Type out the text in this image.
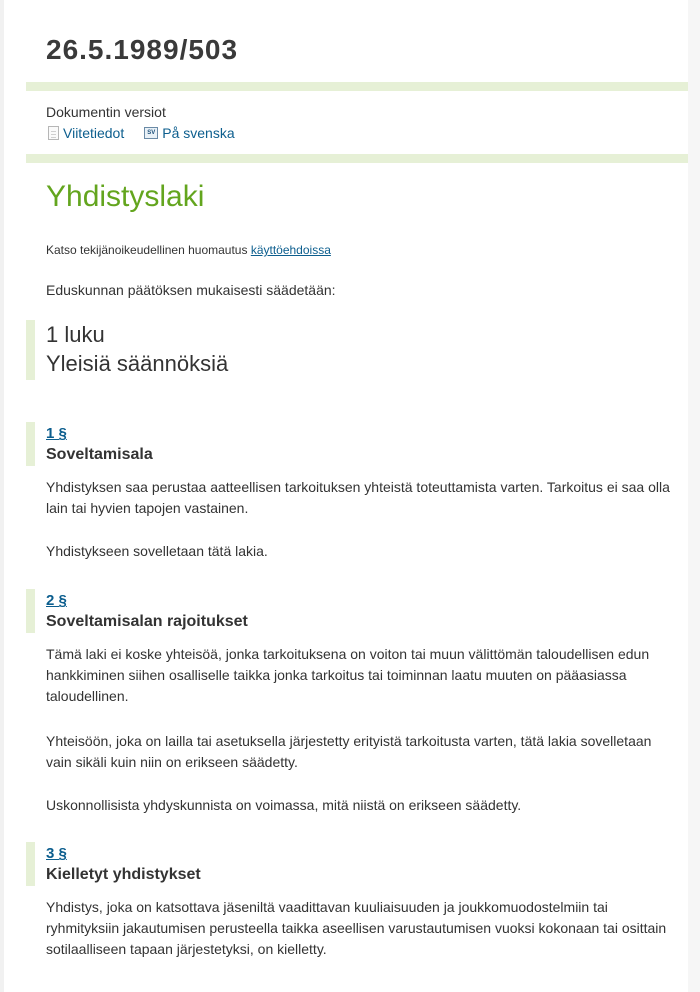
26.5.1989/503
Dokumentin versiot
Viitetiedot	SV På svenska
Yhdistyslaki
Katso tekijänoikeudellinen huomautus käyttöehdoissa
Eduskunnan päätöksen mukaisesti säädetään:
1 luku
Yleisiä säännöksiä
1 §
Soveltamisala

Yhdistyksen saa perustaa aatteellisen tarkoituksen yhteistä toteuttamista varten. Tarkoitus ei saa olla lain tai hyvien tapojen vastainen.

Yhdistykseen sovelletaan tätä lakia.

2 §
Soveltamisalan rajoitukset

Tämä laki ei koske yhteisöä, jonka tarkoituksena on voiton tai muun välittömän taloudellisen edun hankkiminen siihen osalliselle taikka jonka tarkoitus tai toiminnan laatu muuten on pääasiassa taloudellinen.

Yhteisöön, joka on lailla tai asetuksella järjestetty erityistä tarkoitusta varten, tätä lakia sovelletaan vain sikäli kuin niin on erikseen säädetty.

Uskonnollisista yhdyskunnista on voimassa, mitä niistä on erikseen säädetty.

3 §
Kielletyt yhdistykset

Yhdistys, joka on katsottava jäseniltä vaadittavan kuuliaisuuden ja joukkomuodostelmiin tai ryhmityksiin jakautumisen perusteella taikka aseellisen varustautumisen vuoksi kokonaan tai osittain sotilaalliseen tapaan järjestetyksi, on kielletty.
